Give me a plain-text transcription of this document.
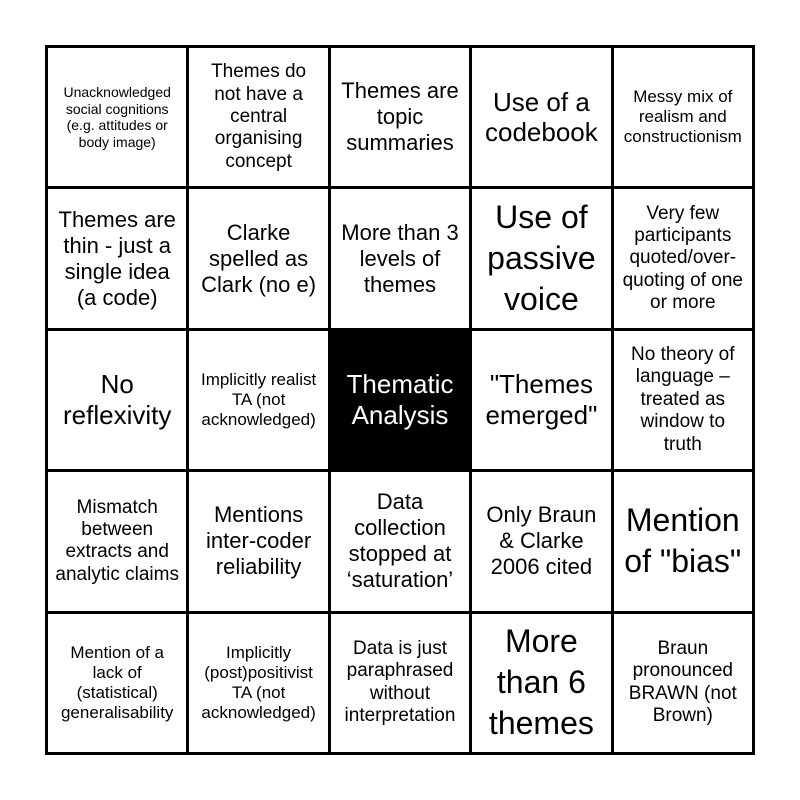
Unacknowledged social cognitions (e.g. attitudes or body image)
Themes do not have a central organising concept
Themes are topic summaries
Use of a codebook
Messy mix of realism and constructionism
Themes are thin - just a single idea (a code)
Clarke spelled as Clark (no e)
More than 3 levels of themes
Use of passive voice
Very few participants quoted/over-quoting of one or more
No reflexivity
Implicitly realist TA (not acknowledged)
Thematic Analysis
"Themes emerged"
No theory of language – treated as window to truth
Mismatch between extracts and analytic claims
Mentions inter-coder reliability
Data collection stopped at ‘saturation’
Only Braun & Clarke 2006 cited
Mention of "bias"
Mention of a lack of (statistical) generalisability
Implicitly (post)positivist TA (not acknowledged)
Data is just paraphrased without interpretation
More than 6 themes
Braun pronounced BRAWN (not Brown)
